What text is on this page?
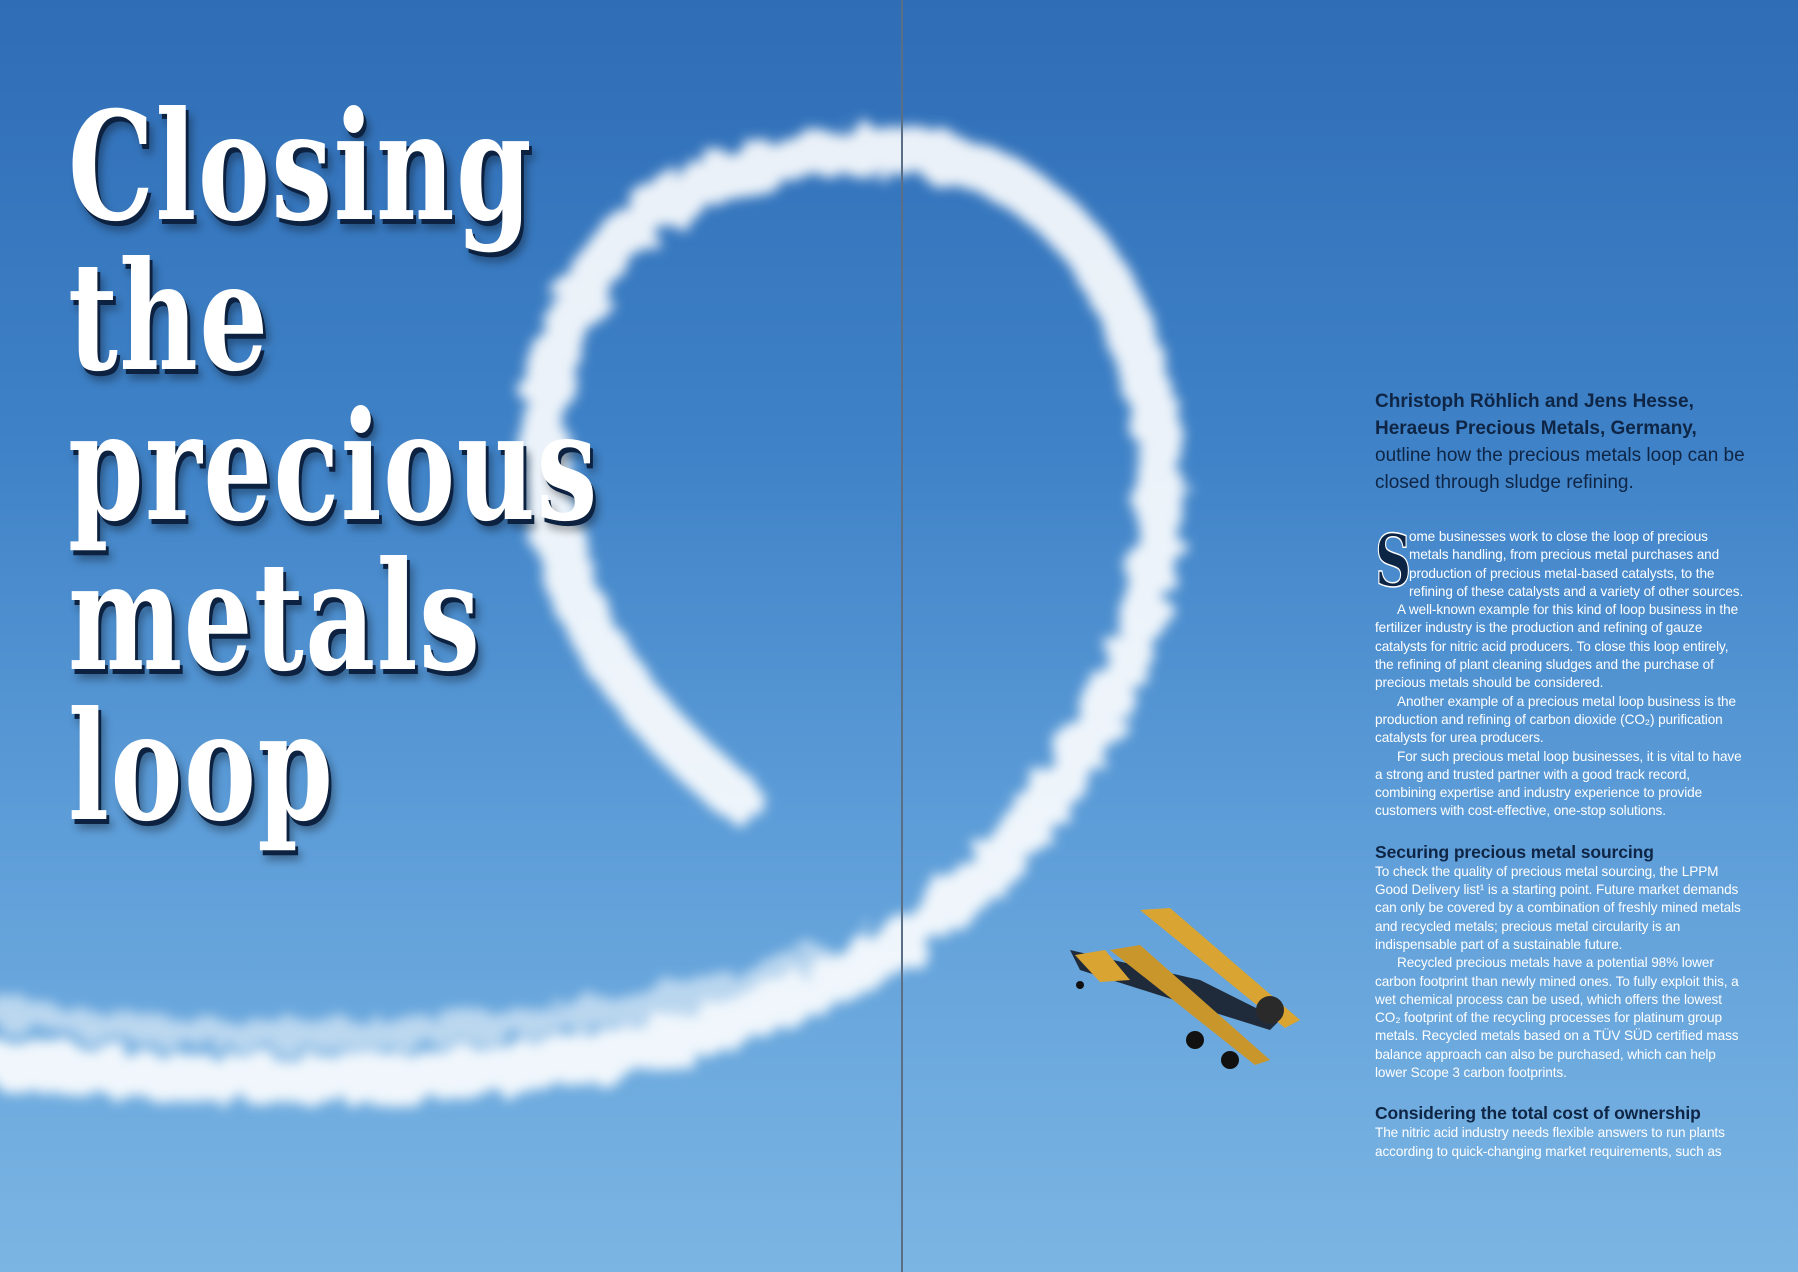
Closing
the
precious
metals
loop
Christoph Röhlich and Jens Hesse,
Heraeus Precious Metals, Germany,
outline how the precious metals loop can be closed through sludge refining.

S
ome businesses work to close the loop of precious metals handling, from precious metal purchases and production of precious metal-based catalysts, to the refining of these catalysts and a variety of other sources.

A well-known example for this kind of loop business in the fertilizer industry is the production and refining of gauze catalysts for nitric acid producers. To close this loop entirely, the refining of plant cleaning sludges and the purchase of precious metals should be considered.

Another example of a precious metal loop business is the production and refining of carbon dioxide (CO₂) purification catalysts for urea producers.

For such precious metal loop businesses, it is vital to have a strong and trusted partner with a good track record, combining expertise and industry experience to provide customers with cost-effective, one-stop solutions.

Securing precious metal sourcing

To check the quality of precious metal sourcing, the LPPM Good Delivery list¹ is a starting point. Future market demands can only be covered by a combination of freshly mined metals and recycled metals; precious metal circularity is an indispensable part of a sustainable future.

Recycled precious metals have a potential 98% lower carbon footprint than newly mined ones. To fully exploit this, a wet chemical process can be used, which offers the lowest CO₂ footprint of the recycling processes for platinum group metals. Recycled metals based on a TÜV SÜD certified mass balance approach can also be purchased, which can help lower Scope 3 carbon footprints.

Considering the total cost of ownership

The nitric acid industry needs flexible answers to run plants according to quick-changing market requirements, such as
